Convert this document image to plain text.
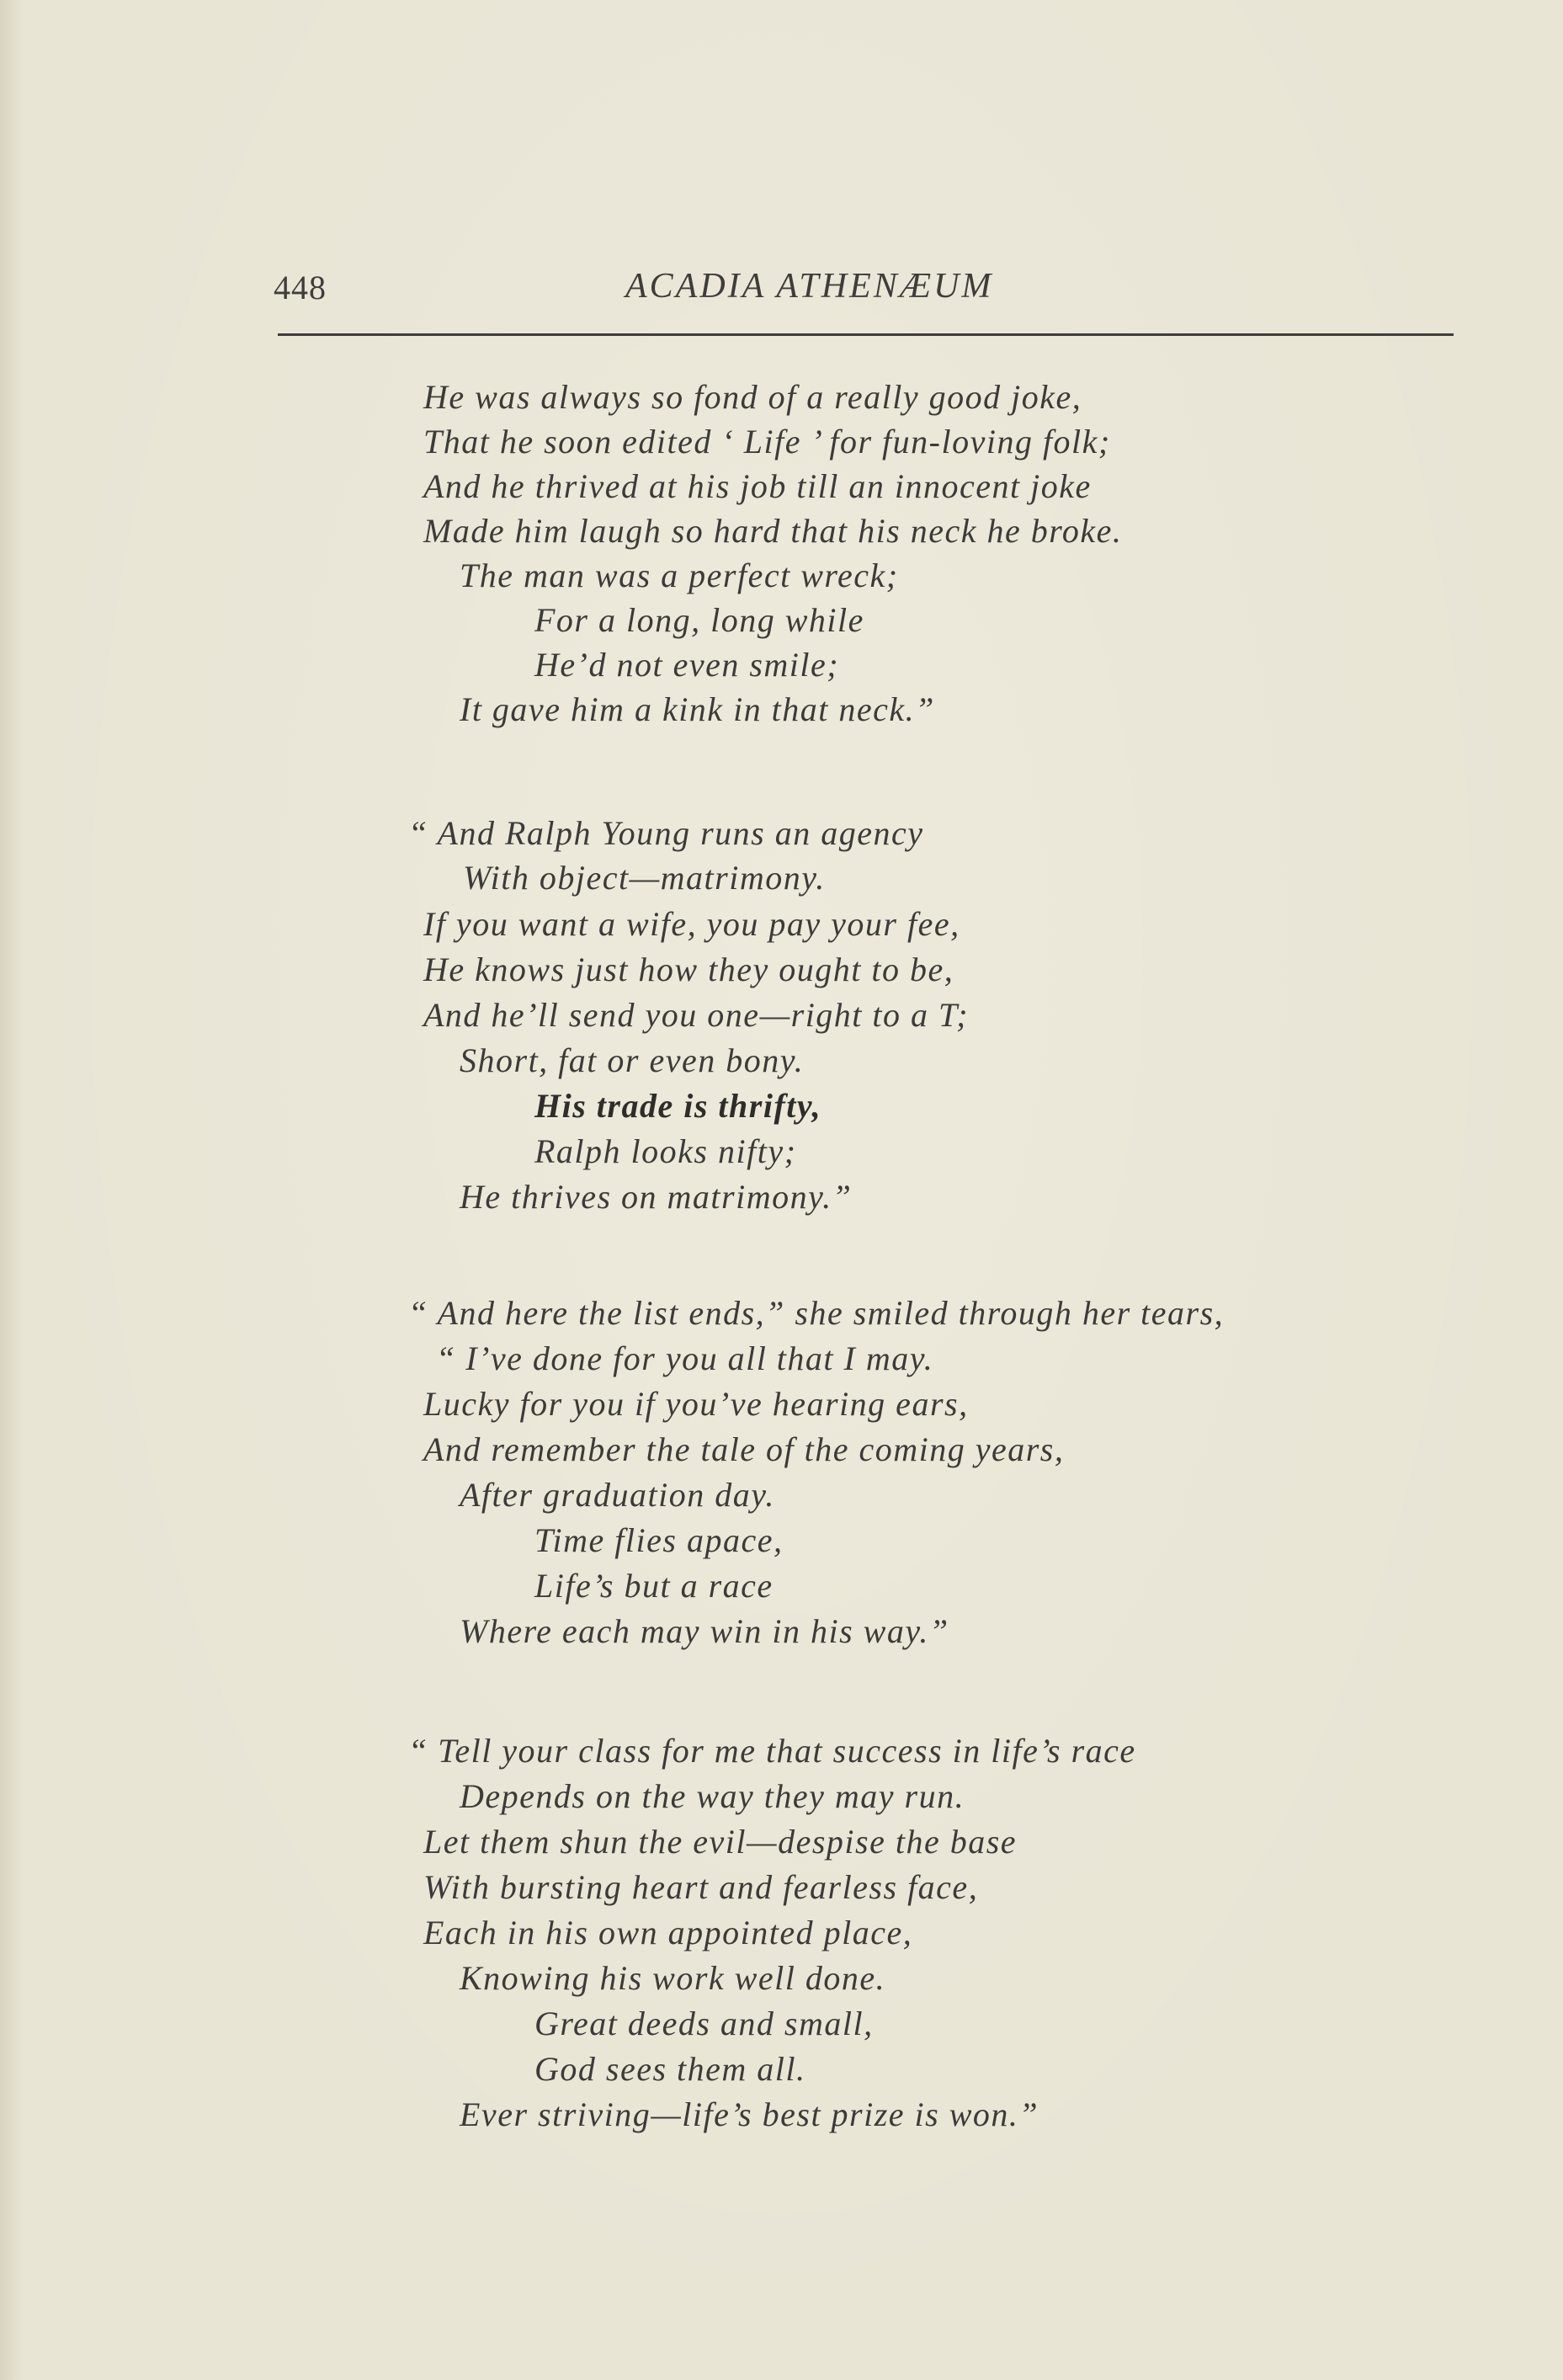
448	ACADIA ATHENÆUM
He was always so fond of a really good joke,
That he soon edited ‘ Life ’ for fun-loving folk;
And he thrived at his job till an innocent joke
Made him laugh so hard that his neck he broke.
The man was a perfect wreck;
For a long, long while
He’d not even smile;
It gave him a kink in that neck.”
“ And Ralph Young runs an agency
With object—matrimony.
If you want a wife, you pay your fee,
He knows just how they ought to be,
And he’ll send you one—right to a T;
Short, fat or even bony.
His trade is thrifty,
Ralph looks nifty;
He thrives on matrimony.”
“ And here the list ends,” she smiled through her tears,
“ I’ve done for you all that I may.
Lucky for you if you’ve hearing ears,
And remember the tale of the coming years,
After graduation day.
Time flies apace,
Life’s but a race
Where each may win in his way.”
“ Tell your class for me that success in life’s race
Depends on the way they may run.
Let them shun the evil—despise the base
With bursting heart and fearless face,
Each in his own appointed place,
Knowing his work well done.
Great deeds and small,
God sees them all.
Ever striving—life’s best prize is won.”
